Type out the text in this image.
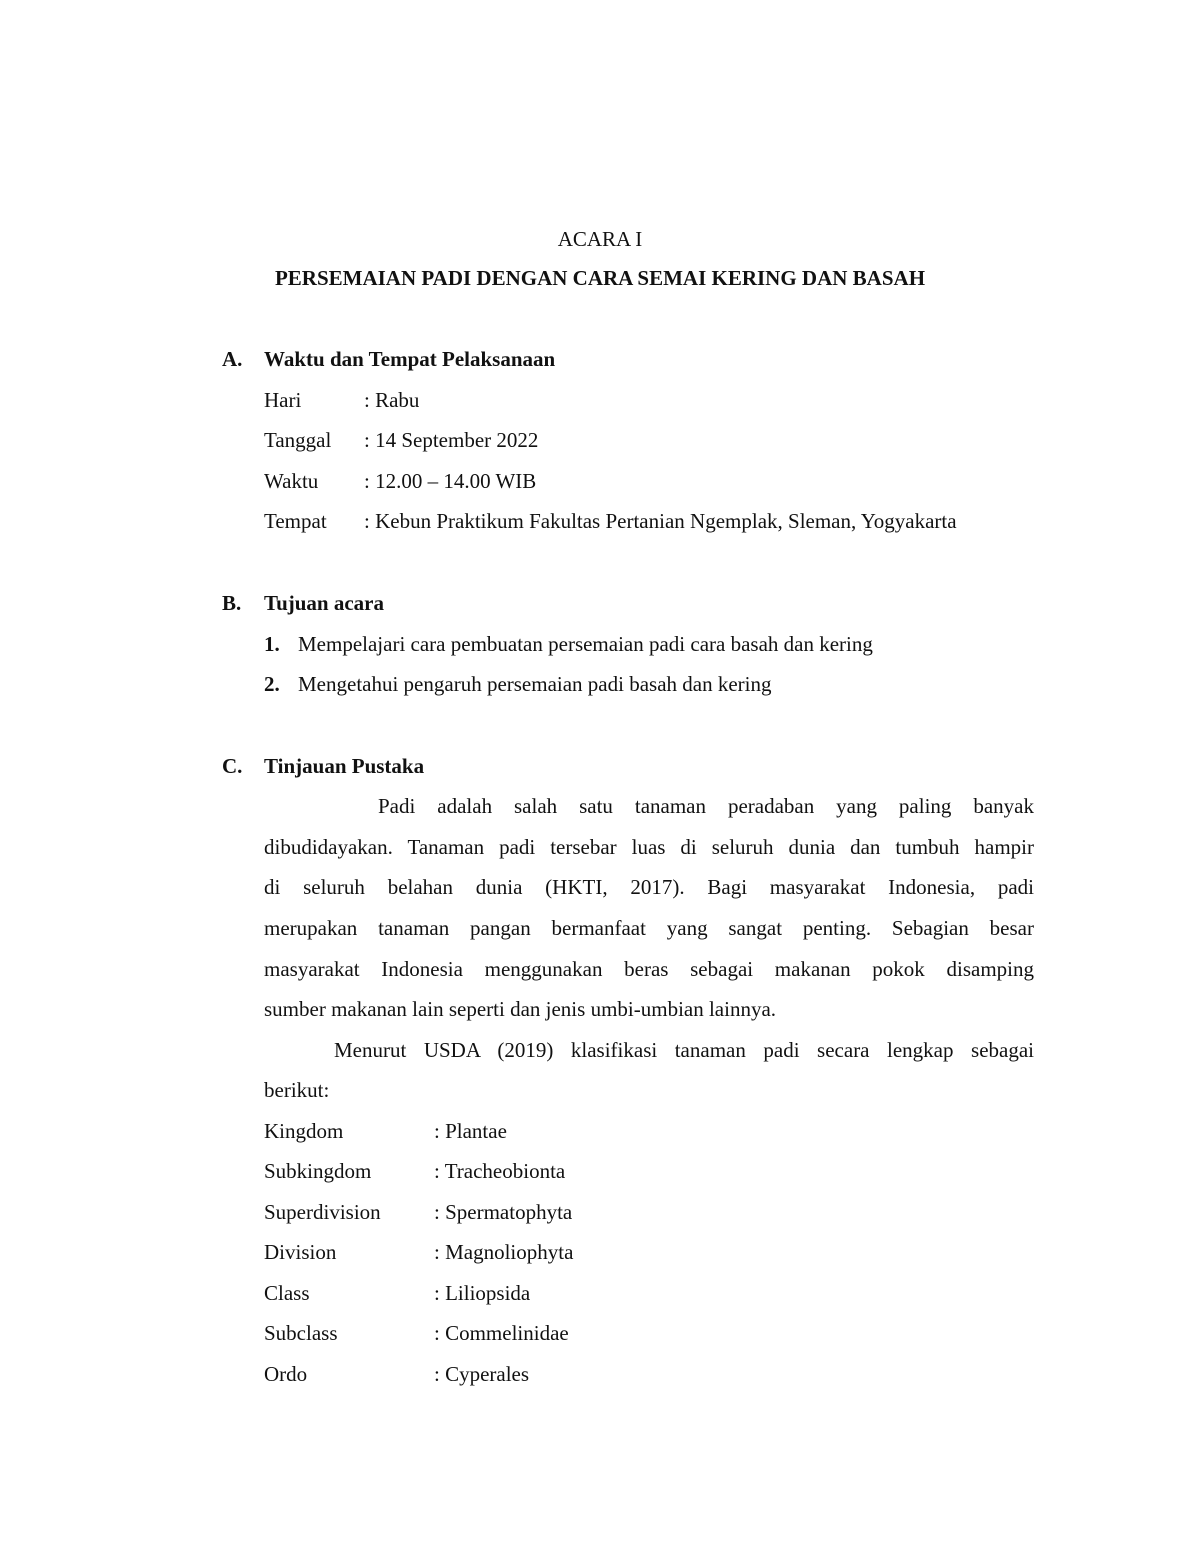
ACARA I
PERSEMAIAN PADI DENGAN CARA SEMAI KERING DAN BASAH
A. Waktu dan Tempat Pelaksanaan
Hari	: Rabu
Tanggal : 14 September 2022
Waktu : 12.00 – 14.00 WIB
Tempat : Kebun Praktikum Fakultas Pertanian Ngemplak, Sleman, Yogyakarta
B. Tujuan acara
1. Mempelajari cara pembuatan persemaian padi cara basah dan kering
2. Mengetahui pengaruh persemaian padi basah dan kering
C. Tinjauan Pustaka
Padi adalah salah satu tanaman peradaban yang paling banyak
dibudidayakan. Tanaman padi tersebar luas di seluruh dunia dan tumbuh hampir
di seluruh belahan dunia (HKTI, 2017). Bagi masyarakat Indonesia, padi
merupakan tanaman pangan bermanfaat yang sangat penting. Sebagian besar
masyarakat Indonesia menggunakan beras sebagai makanan pokok disamping
sumber makanan lain seperti dan jenis umbi-umbian lainnya.
Menurut USDA (2019) klasifikasi tanaman padi secara lengkap sebagai
berikut:
Kingdom	: Plantae
Subkingdom	: Tracheobionta
Superdivision	: Spermatophyta
Division	: Magnoliophyta
Class	: Liliopsida
Subclass	: Commelinidae
Ordo	: Cyperales
